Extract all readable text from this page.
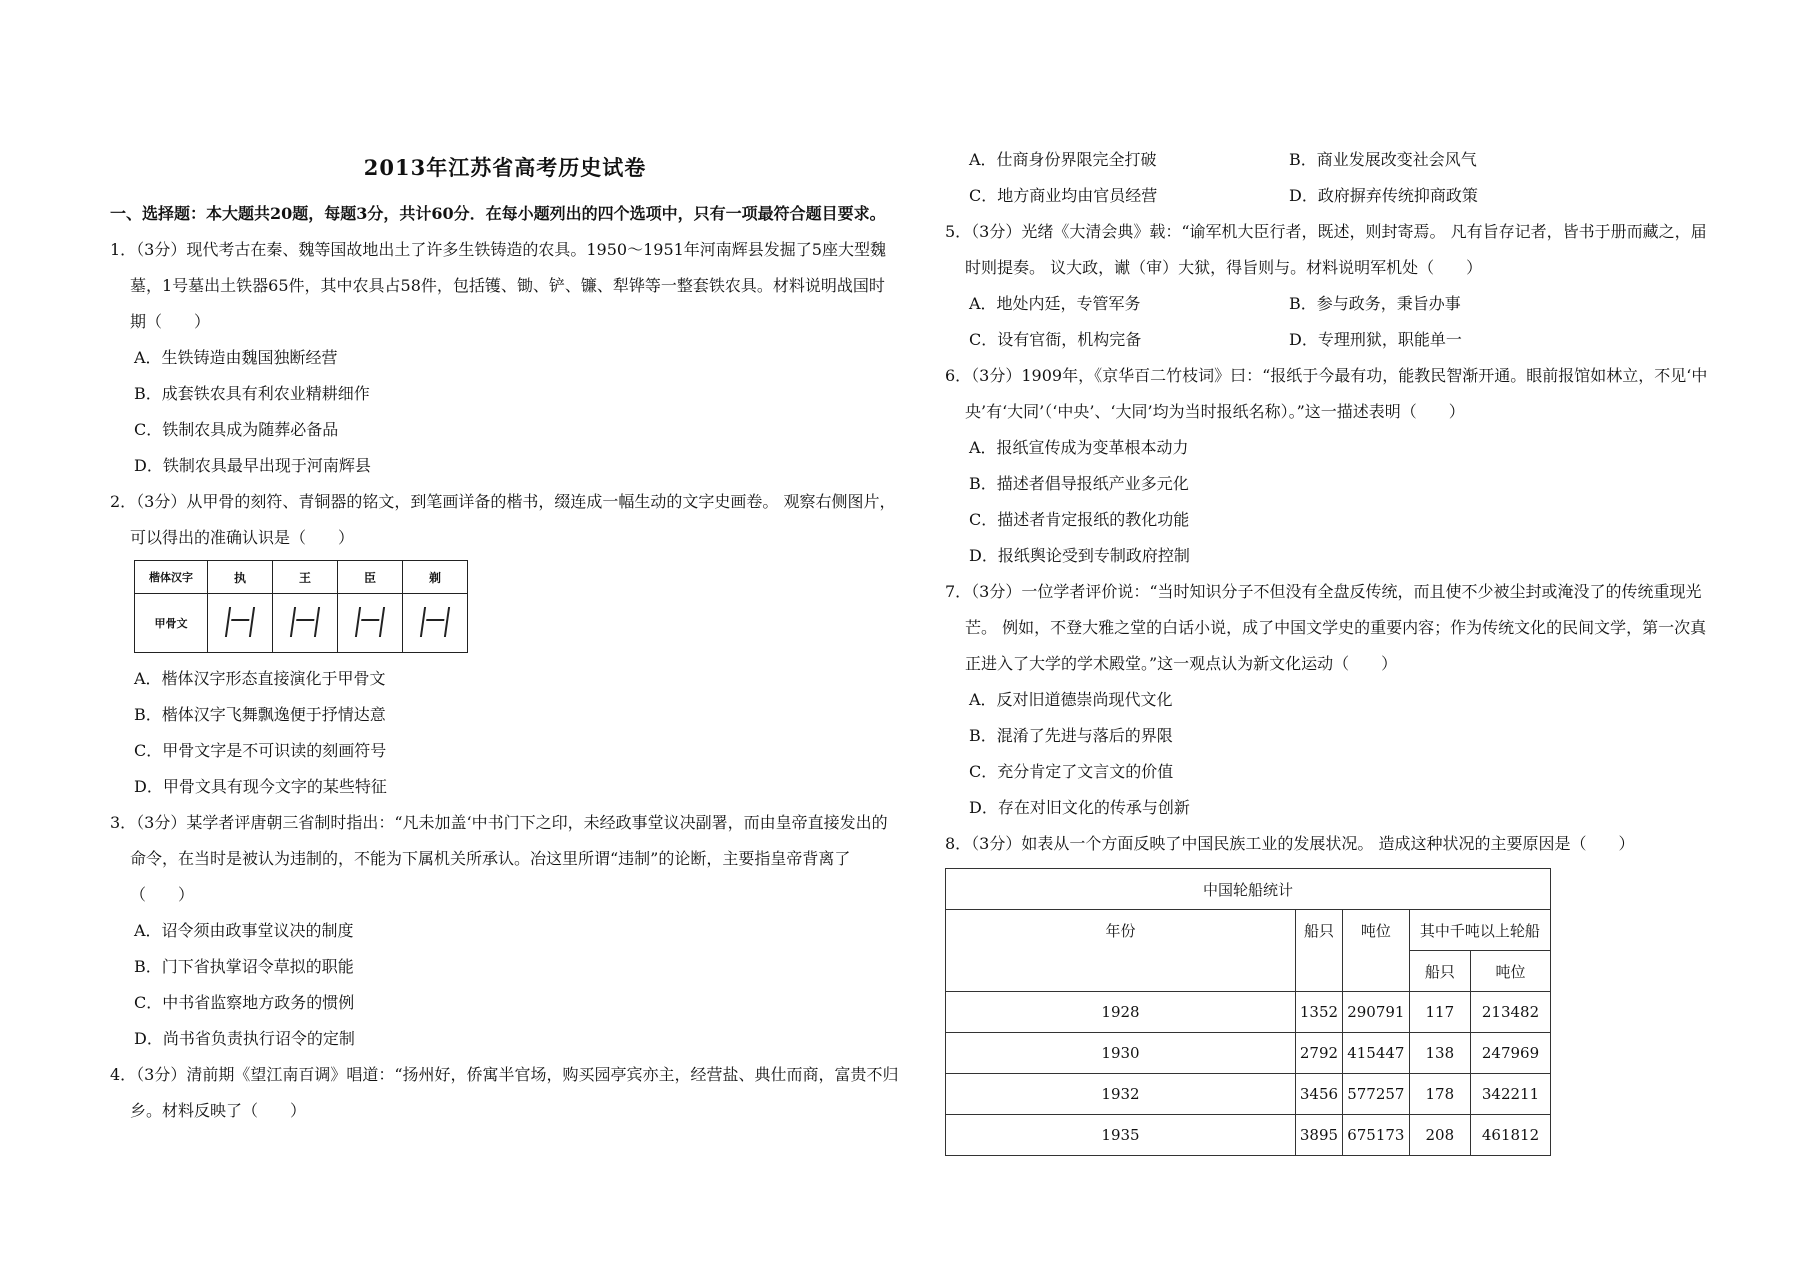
2013年江苏省高考历史试卷

一、选择题：本大题共20题，每题3分，共计60分．在每小题列出的四个选项中，只有一项最符合题目要求。

1．（3分）现代考古在秦、魏等国故地出土了许多生铁铸造的农具。1950～1951年河南辉县发掘了5座大型魏墓，1号墓出土铁器65件，其中农具占58件，包括镬、锄、铲、镰、犁铧等一整套铁农具。材料说明战国时期（　　）

A．生铁铸造由魏国独断经营

B．成套铁农具有利农业精耕细作

C．铁制农具成为随葬必备品

D．铁制农具最早出现于河南辉县

2．（3分）从甲骨的刻符、青铜器的铭文，到笔画详备的楷书，缀连成一幅生动的文字史画卷。 观察右侧图片，可以得出的准确认识是（　　）

楷体汉字	执	王	臣	剃
甲骨文				

A．楷体汉字形态直接演化于甲骨文

B．楷体汉字飞舞飘逸便于抒情达意

C．甲骨文字是不可识读的刻画符号

D．甲骨文具有现今文字的某些特征

3．（3分）某学者评唐朝三省制时指出：“凡未加盖‘中书门下之印，未经政事堂议决副署，而由皇帝直接发出的命令，在当时是被认为违制的，不能为下属机关所承认。冶这里所谓“违制”的论断，主要指皇帝背离了（　　）

A．诏令须由政事堂议决的制度

B．门下省执掌诏令草拟的职能

C．中书省监察地方政务的惯例

D．尚书省负责执行诏令的定制

4．（3分）清前期《望江南百调》唱道：“扬州好，侨寓半官场，购买园亭宾亦主，经营盐、典仕而商，富贵不归乡。材料反映了（　　）

A．仕商身份界限完全打破	B．商业发展改变社会风气
C．地方商业均由官员经营	D．政府摒弃传统抑商政策

5．（3分）光绪《大清会典》载：“谕军机大臣行者，既述，则封寄焉。 凡有旨存记者，皆书于册而藏之，届时则提奏。 议大政，谳（审）大狱，得旨则与。材料说明军机处（　　）

A．地处内廷，专管军务	B．参与政务，秉旨办事
C．设有官衙，机构完备	D．专理刑狱，职能单一

6．（3分）1909年，《京华百二竹枝词》曰：“报纸于今最有功，能教民智渐开通。眼前报馆如林立，不见‘中央’有‘大同’（‘中央’、‘大同’均为当时报纸名称）。”这一描述表明（　　）

A．报纸宣传成为变革根本动力

B．描述者倡导报纸产业多元化

C．描述者肯定报纸的教化功能

D．报纸舆论受到专制政府控制

7．（3分）一位学者评价说：“当时知识分子不但没有全盘反传统，而且使不少被尘封或淹没了的传统重现光芒。 例如，不登大雅之堂的白话小说，成了中国文学史的重要内容；作为传统文化的民间文学，第一次真正进入了大学的学术殿堂。”这一观点认为新文化运动（　　）

A．反对旧道德崇尚现代文化

B．混淆了先进与落后的界限

C．充分肯定了文言文的价值

D．存在对旧文化的传承与创新

8．（3分）如表从一个方面反映了中国民族工业的发展状况。 造成这种状况的主要原因是（　　）

中国轮船统计				
年份	船只	吨位	其中千吨以上轮船	
			船只	吨位
1928	1352	290791	117	213482
1930	2792	415447	138	247969
1932	3456	577257	178	342211
1935	3895	675173	208	461812
